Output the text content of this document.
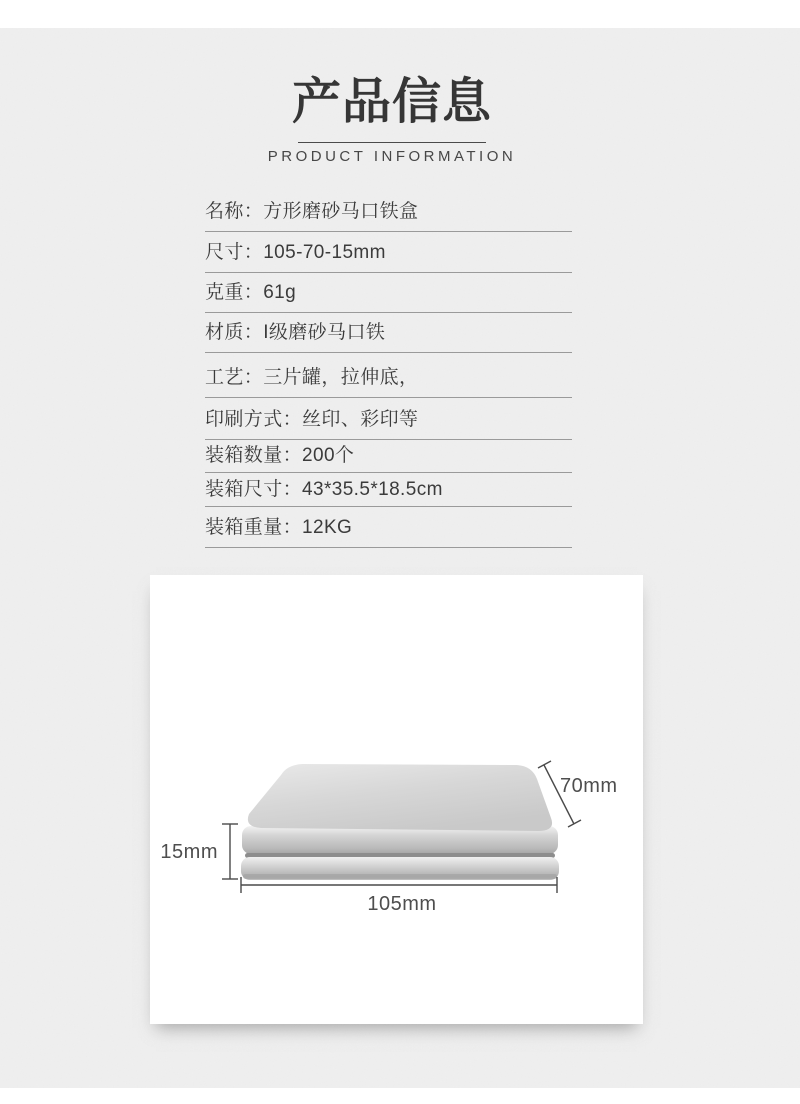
产品信息
PRODUCT INFORMATION
名称： 方形磨砂马口铁盒
尺寸： 105-70-15mm
克重： 61g
材质： I级磨砂马口铁
工艺： 三片罐，拉伸底，
印刷方式： 丝印、彩印等
装箱数量： 200个
装箱尺寸： 43*35.5*18.5cm
装箱重量： 12KG
70mm
15mm
105mm
